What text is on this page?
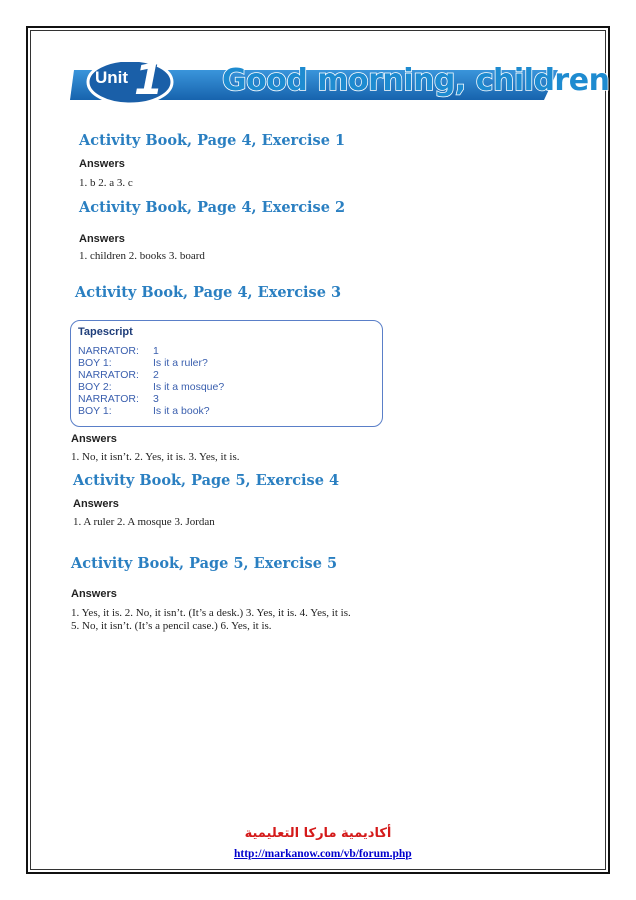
Unit 1 Good morning, children
Activity Book, Page 4, Exercise 1
Answers
1. b 2. a 3. c
Activity Book, Page 4, Exercise 2
Answers
1. children 2. books 3. board
Activity Book, Page 4, Exercise 3
Tapescript
NARRATOR: 1
BOY 1:	Is it a ruler?
NARRATOR: 2
BOY 2:	Is it a mosque?
NARRATOR: 3
BOY 1:	Is it a book?
Answers
1. No, it isn’t. 2. Yes, it is. 3. Yes, it is.
Activity Book, Page 5, Exercise 4
Answers
1. A ruler 2. A mosque 3. Jordan
Activity Book, Page 5, Exercise 5
Answers
1. Yes, it is. 2. No, it isn’t. (It’s a desk.) 3. Yes, it is. 4. Yes, it is.
5. No, it isn’t. (It’s a pencil case.) 6. Yes, it is.
أكاديمية ماركا التعليمية
http://markanow.com/vb/forum.php
